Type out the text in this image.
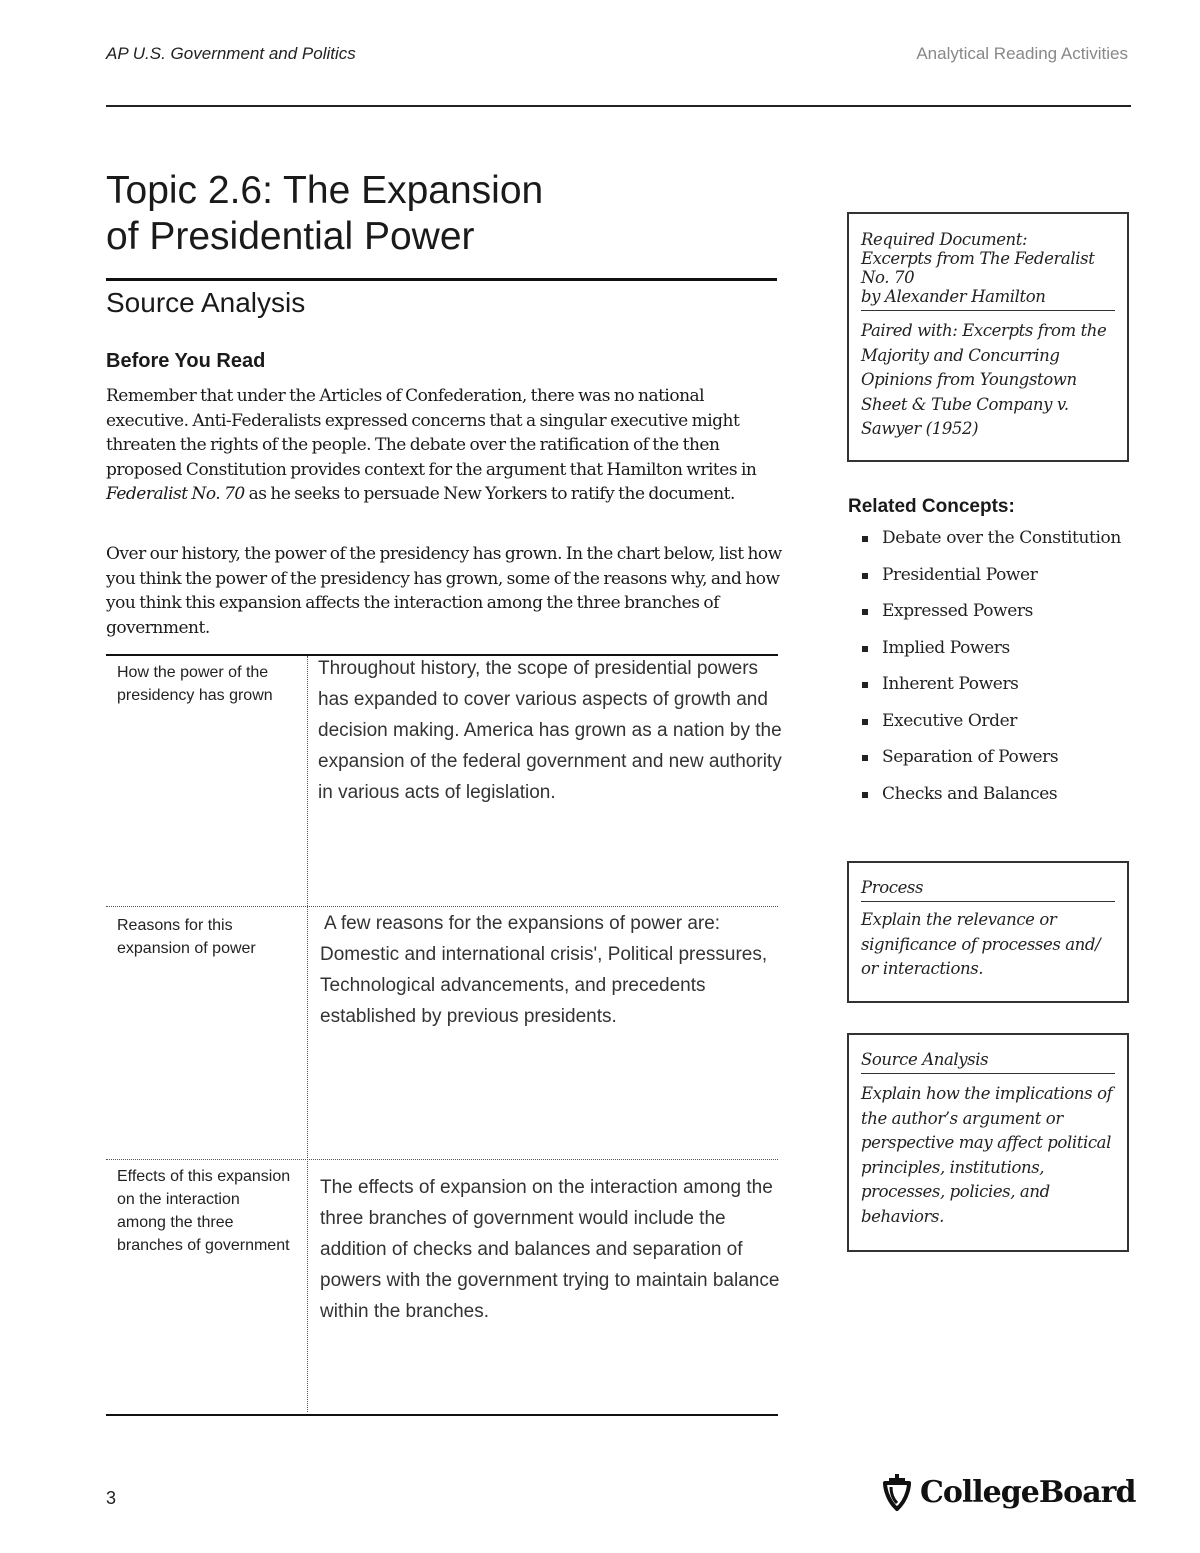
AP U.S. Government and Politics	Analytical Reading Activities
Topic 2.6: The Expansion
of Presidential Power
Source Analysis
Before You Read
Remember that under the Articles of Confederation, there was no national executive. Anti-Federalists expressed concerns that a singular executive might threaten the rights of the people. The debate over the ratification of the then proposed Constitution provides context for the argument that Hamilton writes in Federalist No. 70 as he seeks to persuade New Yorkers to ratify the document.
Over our history, the power of the presidency has grown. In the chart below, list how you think the power of the presidency has grown, some of the reasons why, and how you think this expansion affects the interaction among the three branches of government.
How the power of the presidency has grown
Throughout history, the scope of presidential powers has expanded to cover various aspects of growth and decision making. America has grown as a nation by the expansion of the federal government and new authority in various acts of legislation.
Reasons for this expansion of power
A few reasons for the expansions of power are: Domestic and international crisis', Political pressures, Technological advancements, and precedents established by previous presidents.
Effects of this expansion on the interaction among the three branches of government
The effects of expansion on the interaction among the three branches of government would include the addition of checks and balances and separation of powers with the government trying to maintain balance within the branches.
Required Document:
Excerpts from The Federalist
No. 70
by Alexander Hamilton
Paired with: Excerpts from the Majority and Concurring Opinions from Youngstown Sheet & Tube Company v. Sawyer (1952)
Related Concepts:
Debate over the Constitution
Presidential Power
Expressed Powers
Implied Powers
Inherent Powers
Executive Order
Separation of Powers
Checks and Balances
Process
Explain the relevance or significance of processes and/ or interactions.
Source Analysis
Explain how the implications of the author’s argument or perspective may affect political principles, institutions, processes, policies, and behaviors.
3	CollegeBoard
